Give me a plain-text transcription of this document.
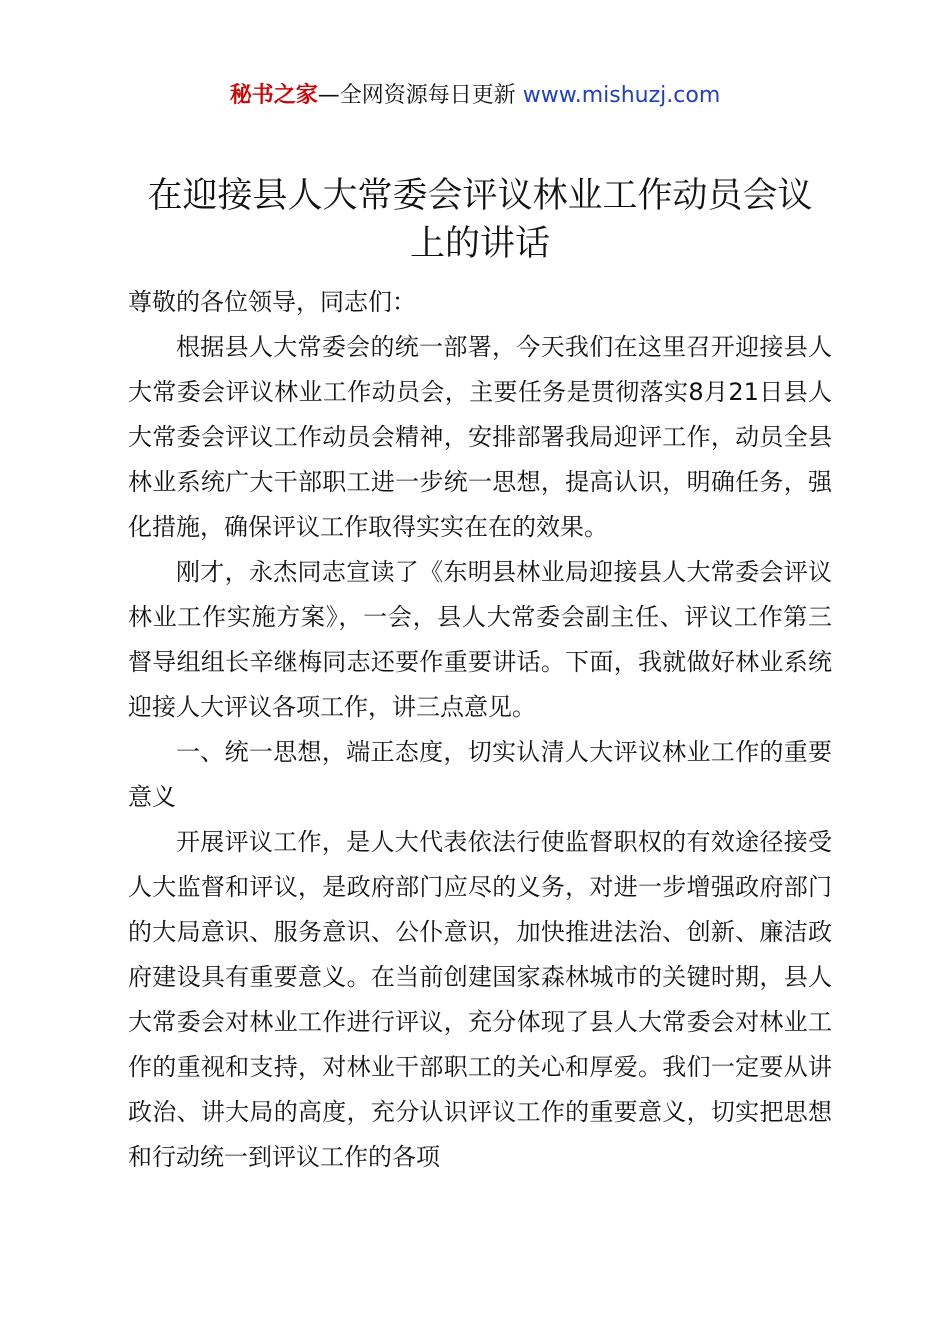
秘书之家—全网资源每日更新 www.mishuzj.com
在迎接县人大常委会评议林业工作动员会议
上的讲话

尊敬的各位领导，同志们：

根据县人大常委会的统一部署，今天我们在这里召开迎接县人大常委会评议林业工作动员会，主要任务是贯彻落实8月21日县人大常委会评议工作动员会精神，安排部署我局迎评工作，动员全县林业系统广大干部职工进一步统一思想，提高认识，明确任务，强化措施，确保评议工作取得实实在在的效果。

刚才，永杰同志宣读了《东明县林业局迎接县人大常委会评议林业工作实施方案》，一会，县人大常委会副主任、评议工作第三督导组组长辛继梅同志还要作重要讲话。下面，我就做好林业系统迎接人大评议各项工作，讲三点意见。

一、统一思想，端正态度，切实认清人大评议林业工作的重要意义

开展评议工作，是人大代表依法行使监督职权的有效途径接受人大监督和评议，是政府部门应尽的义务，对进一步增强政府部门的大局意识、服务意识、公仆意识，加快推进法治、创新、廉洁政府建设具有重要意义。在当前创建国家森林城市的关键时期，县人大常委会对林业工作进行评议，充分体现了县人大常委会对林业工作的重视和支持，对林业干部职工的关心和厚爱。我们一定要从讲政治、讲大局的高度，充分认识评议工作的重要意义，切实把思想和行动统一到评议工作的各项
